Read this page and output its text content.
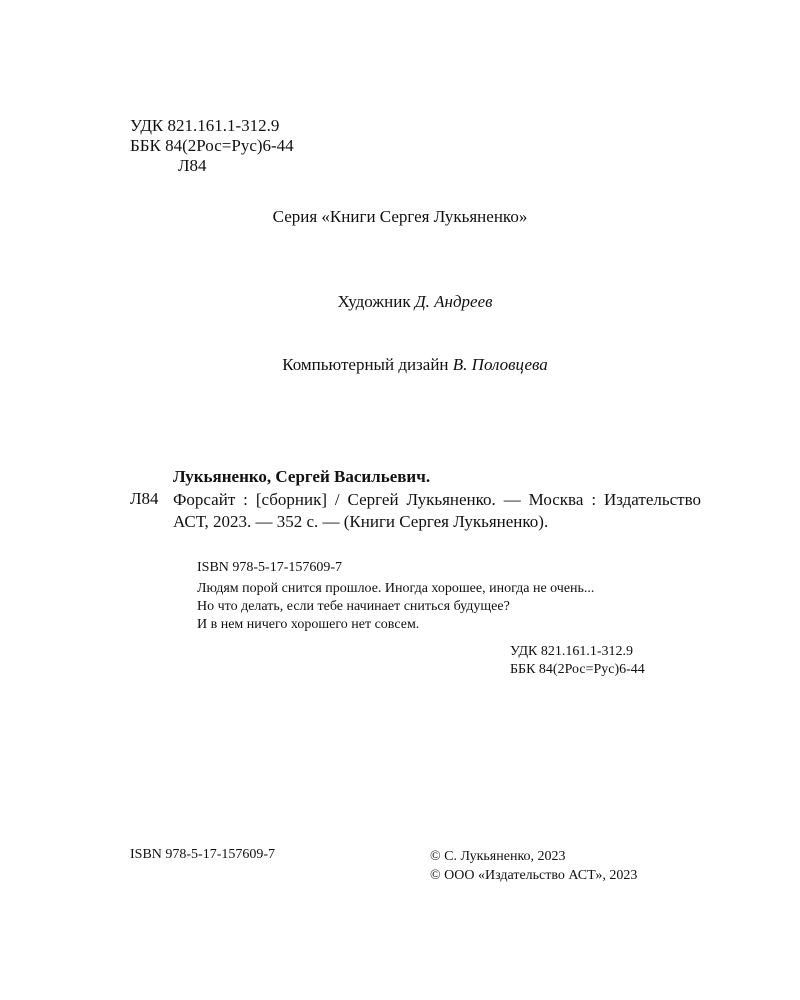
УДК 821.161.1-312.9
ББК 84(2Рос=Рус)6-44
Л84
Серия «Книги Сергея Лукьяненко»
Художник Д. Андреев
Компьютерный дизайн В. Половцева
Лукьяненко, Сергей Васильевич.
Л84 Форсайт : [сборник] / Сергей Лукьяненко. — Москва : Издательство АСТ, 2023. — 352 с. — (Книги Сергея Лукьяненко).
ISBN 978-5-17-157609-7

Людям порой снится прошлое. Иногда хорошее, иногда не очень...

Но что делать, если тебе начинает сниться будущее?

И в нем ничего хорошего нет совсем.

УДК 821.161.1-312.9
ББК 84(2Рос=Рус)6-44
ISBN 978-5-17-157609-7	© С. Лукьяненко, 2023
© ООО «Издательство АСТ», 2023
